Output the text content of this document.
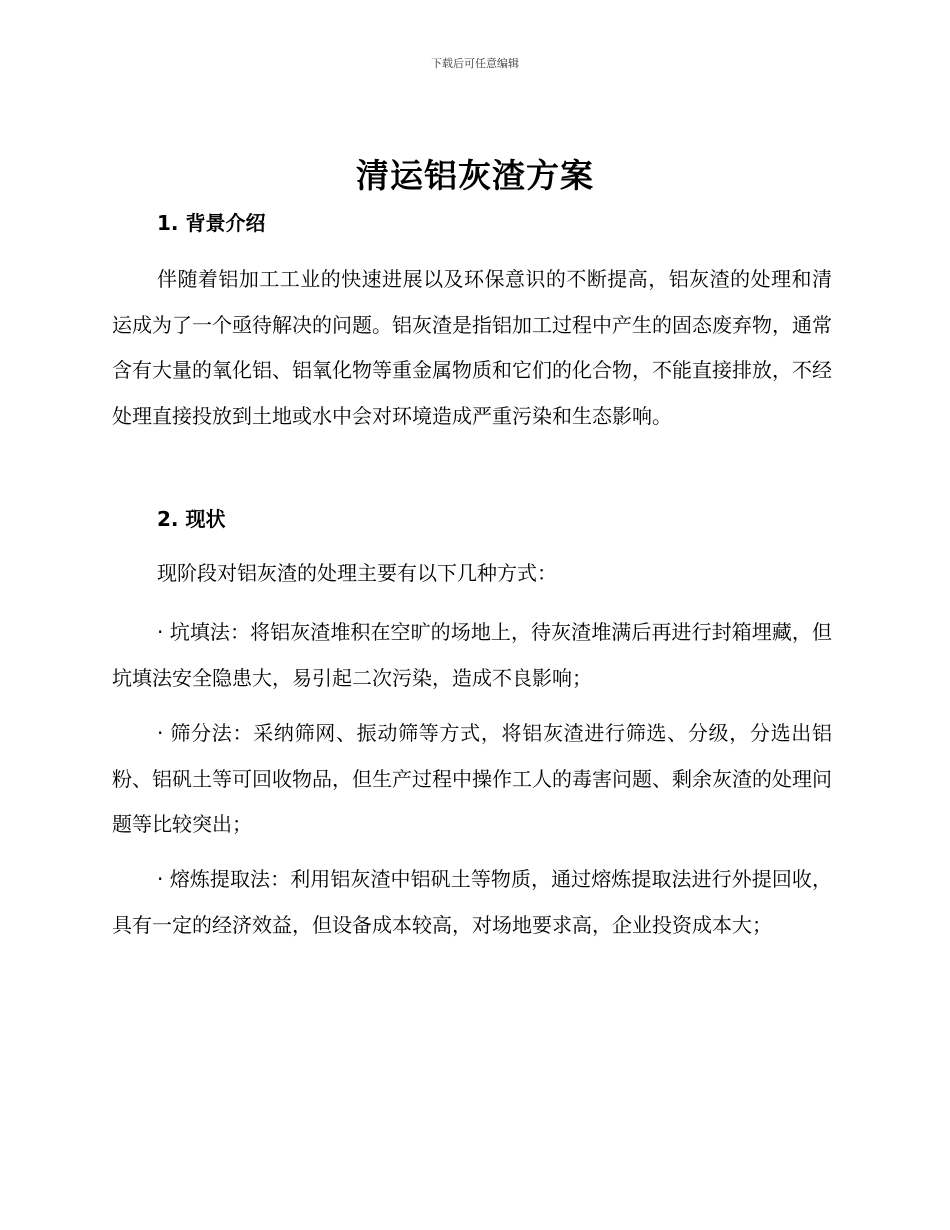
下载后可任意编辑
清运铝灰渣方案
1. 背景介绍
伴随着铝加工工业的快速进展以及环保意识的不断提高，铝灰渣的处理和清运成为了一个亟待解决的问题。铝灰渣是指铝加工过程中产生的固态废弃物，通常含有大量的氧化铝、铝氧化物等重金属物质和它们的化合物，不能直接排放，不经处理直接投放到土地或水中会对环境造成严重污染和生态影响。
2. 现状
现阶段对铝灰渣的处理主要有以下几种方式：
· 坑填法：将铝灰渣堆积在空旷的场地上，待灰渣堆满后再进行封箱埋藏，但坑填法安全隐患大，易引起二次污染，造成不良影响；
· 筛分法：采纳筛网、振动筛等方式，将铝灰渣进行筛选、分级，分选出铝粉、铝矾土等可回收物品，但生产过程中操作工人的毒害问题、剩余灰渣的处理问题等比较突出；
· 熔炼提取法：利用铝灰渣中铝矾土等物质，通过熔炼提取法进行外提回收，具有一定的经济效益，但设备成本较高，对场地要求高，企业投资成本大；
